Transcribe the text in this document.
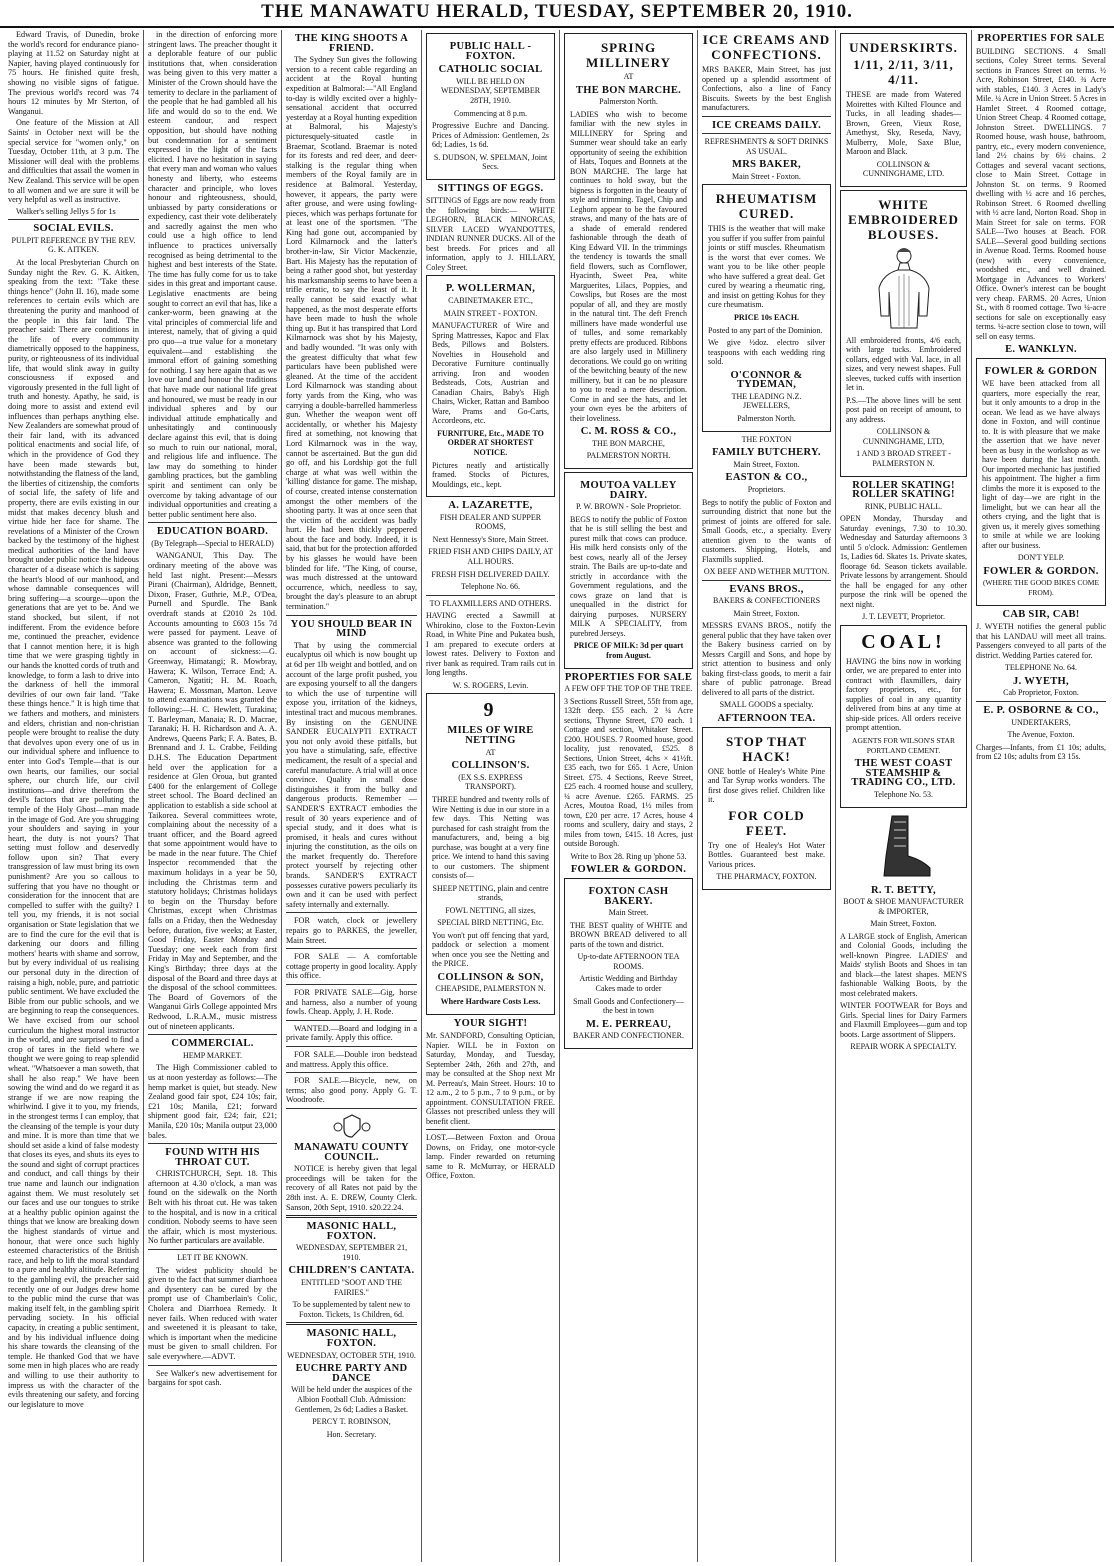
THE MANAWATU HERALD, TUESDAY, SEPTEMBER 20, 1910.

Edward Travis, of Dunedin, broke the world's record for endurance piano-playing at 11.52 on Saturday night at Napier, having played continuously for 75 hours. He finished quite fresh, showing no visible signs of fatigue. The previous world's record was 74 hours 12 minutes by Mr Sterton, of Wanganui.

One feature of the Mission at All Saints' in October next will be the special service for "women only," on Tuesday, October 11th, at 3 p.m. The Missioner will deal with the problems and difficulties that assail the women in New Zealand. This service will be open to all women and we are sure it will be very helpful as well as instructive.

Walker's selling Jellys 5 for 1s

SOCIAL EVILS.
PULPIT REFERENCE BY THE REV. G. K. AITKEN.

At the local Presbyterian Church on Sunday night the Rev. G. K. Aitken, speaking from the text: "Take these things hence" (John II. 16), made some references to certain evils which are threatening the purity and manhood of the people in this fair land. The preacher said: There are conditions in the life of every community diametrically opposed to the happiness, purity, or righteousness of its individual life, that would slink away in guilty consciousness if exposed and vigorously presented in the full light of truth and honesty. Apathy, he said, is doing more to assist and extend evil influences than perhaps anything else. New Zealanders are somewhat proud of their fair land, with its advanced political enactments and social life, of which in the providence of God they have been made stewards but, notwithstanding the flatness of the land, the liberties of citizenship, the comforts of social life, the safety of life and property, there are evils existing in our midst that makes decency blush and virtue hide her face for shame. The revelations of a Minister of the Crown backed by the testimony of the highest medical authorities of the land have brought under public notice the hideous character of a disease which is sapping the heart's blood of our manhood, and whose damnable consequences will bring suffering—a scourge—upon the generations that are yet to be. And we stand shocked, but silent, if not indifferent. From the evidence before me, continued the preacher, evidence that I cannot mention here, it is high time that we were grasping tightly in our hands the knotted cords of truth and knowledge, to form a lash to drive into the darkness of hell the immoral devilries of our own fair land. "Take these things hence." It is high time that we fathers and mothers, and ministers and elders, christian and non-christian people were brought to realise the duty that devolves upon every one of us in our individual sphere and influence to enter into God's Temple—that is our own hearts, our families, our social sphere, our church life, our civil institutions—and drive therefrom the devil's factors that are polluting the temple of the Holy Ghost—man made in the image of God. Are you shrugging your shoulders and saying in your heart, the duty is not yours? That setting must follow and deservedly follow upon sin? That every transgression of law must bring its own punishment? Are you so callous to suffering that you have no thought or consideration for the innocent that are compelled to suffer with the guilty? I tell you, my friends, it is not social organisation or State legislation that we are to find the cure for the evil that is darkening our doors and filling mothers' hearts with shame and sorrow, but by every individual of us realising our personal duty in the direction of raising a high, noble, pure, and patriotic public sentiment. We have excluded the Bible from our public schools, and we are beginning to reap the consequences. We have excised from our school curriculum the highest moral instructor in the world, and are surprised to find a crop of tares in the field where we thought we were going to reap splendid wheat. "Whatsoever a man soweth, that shall he also reap." We have been sowing the wind and do we regard it as strange if we are now reaping the whirlwind. I give it to you, my friends, in the strongest terms I can employ, that the cleansing of the temple is your duty and mine. It is more than time that we should set aside a kind of false modesty that closes its eyes, and shuts its eyes to the sound and sight of corrupt practices and conduct, and call things by their true name and launch our indignation against them. We must resolutely set our faces and use our tongues to strike at a healthy public opinion against the things that we know are breaking down the highest standards of virtue and honour, that were once such highly esteemed characteristics of the British race, and help to lift the moral standard to a pure and healthy altitude. Referring to the gambling evil, the preacher said recently one of our Judges drew home to the public mind the curse that was making itself felt, in the gambling spirit pervading society. In his official capacity, in creating a public sentiment, and by his individual influence doing his share towards the cleansing of the temple. He thanked God that we have some men in high places who are ready and willing to use their authority to impress us with the character of the evils threatening our safety, and forcing our legislature to move

in the direction of enforcing more stringent laws. The preacher thought it a deplorable feature of our public institutions that, when consideration was being given to this very matter a Minister of the Crown should have the temerity to declare in the parliament of the people that he had gambled all his life and would do so to the end. We esteem candour, and respect opposition, but should have nothing but condemnation for a sentiment expressed in the light of the facts elicited. I have no hesitation in saying that every man and woman who values honesty and liberty, who esteems character and principle, who loves honour and righteousness, should, unbiassed by party considerations or expediency, cast their vote deliberately and sacredly against the men who could use a high office to lend influence to practices universally recognised as being detrimental to the highest and best interests of the State. The time has fully come for us to take sides in this great and important cause. Legislative enactments are being sought to correct an evil that has, like a canker-worm, been gnawing at the vital principles of commercial life and interest, namely, that of giving a quid pro quo—a true value for a monetary equivalent—and establishing the immoral effort of gaining something for nothing. I say here again that as we love our land and honour the traditions that have made our national life great and honoured, we must be ready in our individual spheres and by our individual attitude emphatically and unhesitatingly and continuously declare against this evil, that is doing so much to ruin our national, moral, and religious life and influence. The law may do something to hinder gambling practices, but the gambling spirit and sentiment can only be overcome by taking advantage of our individual opportunities and creating a better public sentiment here also.

EDUCATION BOARD.
(By Telegraph—Special to HERALD)

WANGANUI, This Day. The ordinary meeting of the above was held last night. Present:—Messrs Pirani (Chairman), Aldridge, Bennett, Dixon, Fraser, Guthrie, M.P., O'Dea, Purnell and Spurdle. The Bank overdraft stands at £2010 2s 10d. Accounts amounting to £603 15s 7d were passed for payment. Leave of absence was granted to the following on account of sickness:—G. Greenway, Himatangi; R. Mowbray, Hawera; K. Wilson, Terrace End; A. Cameron, Ngatiti; H. M. Roach, Hawera; E. Mossman, Marton. Leave to attend examinations was granted the following:—H. C. Hewlett, Turakina; T. Barleyman, Manaia; R. D. Macrae, Taranaki; H. H. Richardson and A. A. Andrews, Queens Park; F. A. Bates, B. Brennand and J. L. Crabbe, Feilding D.H.S. The Education Department held over the application for a residence at Glen Oroua, but granted £400 for the enlargement of College street school. The Board declined an application to establish a side school at Taikorea. Several committees wrote, complaining about the necessity of a truant officer, and the Board agreed that some appointment would have to be made in the near future. The Chief Inspector recommended that the maximum holidays in a year be 50, including the Christmas term and statutory holidays; Christmas holidays to begin on the Thursday before Christmas, except when Christmas falls on a Friday, then the Wednesday before, duration, five weeks; at Easter, Good Friday, Easter Monday and Tuesday; one week each from first Friday in May and September, and the King's Birthday; three days at the disposal of the Board and three days at the disposal of the school committees. The Board of Governors of the Wanganui Girls College appointed Mrs Redwood, L.R.A.M., music mistress out of nineteen applicants.

COMMERCIAL.
HEMP MARKET.

The High Commissioner cabled to us at noon yesterday as follows:—The hemp market is quiet, but steady. New Zealand good fair spot, £24 10s; fair, £21 10s; Manila, £21; forward shipment good fair, £24; fair, £21; Manila, £20 10s; Manila output 23,000 bales.

FOUND WITH HIS THROAT CUT.

CHRISTCHURCH, Sept. 18. This afternoon at 4.30 o'clock, a man was found on the sidewalk on the North Belt with his throat cut. He was taken to the hospital, and is now in a critical condition. Nobody seems to have seen the affair, which is most mysterious. No further particulars are available.

LET IT BE KNOWN.

The widest publicity should be given to the fact that summer diarrhoea and dysentery can be cured by the prompt use of Chamberlain's Colic, Cholera and Diarrhoea Remedy. It never fails. When reduced with water and sweetened it is pleasant to take, which is important when the medicine must be given to small children. For sale everywhere.—ADVT.

See Walker's new advertisement for bargains for spot cash.

THE KING SHOOTS A FRIEND.

The Sydney Sun gives the following version to a recent cable regarding an accident at the Royal hunting expedition at Balmoral:—"All England to-day is wildly excited over a highly-sensational accident that occurred yesterday at a Royal hunting expedition at Balmoral, his Majesty's picturesquely-situated castle in Braemar, Scotland. Braemar is noted for its forests and red deer, and deer-stalking is the regular thing when members of the Royal family are in residence at Balmoral. Yesterday, however, it appears, the party were after grouse, and were using fowling-pieces, which was perhaps fortunate for at least one of the sportsmen. "The King had gone out, accompanied by Lord Kilmarnock and the latter's brother-in-law, Sir Victor Mackenzie, Bart. His Majesty has the reputation of being a rather good shot, but yesterday his marksmanship seems to have been a trifle erratic, to say the least of it. It really cannot be said exactly what happened, as the most desperate efforts have been made to hush the whole thing up. But it has transpired that Lord Kilmarnock was shot by his Majesty, and badly wounded. "It was only with the greatest difficulty that what few particulars have been published were gleaned. At the time of the accident Lord Kilmarnock was standing about forty yards from the King, who was carrying a double-barrelled hammerless gun. Whether the weapon went off accidentally, or whether his Majesty fired at something, not knowing that Lord Kilmarnock was in the way, cannot be ascertained. But the gun did go off, and his Lordship got the full charge at what was well within the 'killing' distance for game. The mishap, of course, created intense consternation amongst the other members of the shooting party. It was at once seen that the victim of the accident was badly hurt. He had been thickly peppered about the face and body. Indeed, it is said, that but for the protection afforded by his glasses he would have been blinded for life. "The King, of course, was much distressed at the untoward occurrence, which, needless to say, brought the day's pleasure to an abrupt termination."

YOU SHOULD BEAR IN MIND

That by using the commercial eucalyptus oil which is now bought up at 6d per 1lb weight and bottled, and on account of the large profit pushed, you are exposing yourself to all the dangers to which the use of turpentine will expose you, irritation of the kidneys, intestinal tract and mucous membranes. By insisting on the GENUINE SANDER EUCALYPTI EXTRACT you not only avoid these pitfalls, but you have a stimulating, safe, effective medicament, the result of a special and careful manufacture. A trial will at once convince. Quality in small dose distinguishes it from the bulky and dangerous products. Remember — SANDER'S EXTRACT embodies the result of 30 years experience and of special study, and it does what is promised, it heals and cures without injuring the constitution, as the oils on the market frequently do. Therefore protect yourself by rejecting other brands. SANDER'S EXTRACT possesses curative powers peculiarly its own and it can be used with perfect safety internally and externally.

FOR watch, clock or jewellery repairs go to PARKES, the jeweller, Main Street.

FOR SALE — A comfortable cottage property in good locality. Apply this office.

FOR PRIVATE SALE—Gig, horse and harness, also a number of young fowls. Cheap. Apply, J. H. Rode.

WANTED.—Board and lodging in a private family. Apply this office.

FOR SALE.—Double iron bedstead and mattress. Apply this office.

FOR SALE.—Bicycle, new, on terms; also good pony. Apply G. T. Woodroofe.

MANAWATU COUNTY COUNCIL.

NOTICE is hereby given that legal proceedings will be taken for the recovery of all Rates not paid by the 28th inst. A. E. DREW, County Clerk. Sanson, 20th Sept, 1910. s20.22.24.

MASONIC HALL, FOXTON.
WEDNESDAY, SEPTEMBER 21, 1910.
CHILDREN'S CANTATA.
ENTITLED "SOOT AND THE FAIRIES."
To be supplemented by talent new to Foxton. Tickets, 1s Children, 6d.
MASONIC HALL, FOXTON.
WEDNESDAY, OCTOBER 5TH, 1910.
EUCHRE PARTY AND DANCE
Will be held under the auspices of the Albion Football Club. Admission: Gentlemen, 2s 6d; Ladies a Basket.
PERCY T. ROBINSON,
Hon. Secretary.
PUBLIC HALL - FOXTON.
CATHOLIC SOCIAL
WILL BE HELD ON WEDNESDAY, SEPTEMBER 28TH, 1910.
Commencing at 8 p.m.
Progressive Euchre and Dancing. Prices of Admission: Gentlemen, 2s 6d; Ladies, 1s 6d.
S. DUDSON, W. SPELMAN, Joint Secs.
SITTINGS OF EGGS.
SITTINGS of Eggs are now ready from the following birds:— WHITE LEGHORN, BLACK MINORCAS, SILVER LACED WYANDOTTES, INDIAN RUNNER DUCKS. All of the best breeds. For prices and all information, apply to J. HILLARY, Coley Street.
P. WOLLERMAN,
CABINETMAKER ETC.,
MAIN STREET - FOXTON.
MANUFACTURER of Wire and Spring Mattresses, Kapoc and Flax Beds, Pillows and Bolsters. Novelties in Household and Decorative Furniture continually arriving. Iron and wooden Bedsteads, Cots, Austrian and Canadian Chairs, Baby's High Chairs, Wicker, Rattan and Bamboo Ware, Prams and Go-Carts, Accordeons, etc.
FURNITURE, Etc., MADE TO ORDER AT SHORTEST NOTICE.
Pictures neatly and artistically framed. Stocks of Pictures, Mouldings, etc., kept.
A. LAZARETTE,
FISH DEALER AND SUPPER ROOMS,
Next Hennessy's Store, Main Street.
FRIED FISH AND CHIPS DAILY, AT ALL HOURS.
FRESH FISH DELIVERED DAILY.
Telephone No. 66.
TO FLAXMILLERS AND OTHERS.
HAVING erected a Sawmill at Whirokino, close to the Foxton-Levin Road, in White Pine and Pukatea bush, I am prepared to execute orders at lowest rates. Delivery to Foxton and river bank as required. Tram rails cut in long lengths.
W. S. ROGERS, Levin.
9
MILES OF WIRE NETTING
AT
COLLINSON'S.
(EX S.S. EXPRESS TRANSPORT).
THREE hundred and twenty rolls of Wire Netting is due in our store in a few days. This Netting was purchased for cash straight from the manufacturers, and, being a big purchase, was bought at a very fine price. We intend to hand this saving to our customers. The shipment consists of—
SHEEP NETTING, plain and centre strands,
FOWL NETTING, all sizes,
SPECIAL BIRD NETTING, Etc.
You won't put off fencing that yard, paddock or selection a moment when once you see the Netting and the PRICE.
COLLINSON & SON,
CHEAPSIDE, PALMERSTON N.
Where Hardware Costs Less.
YOUR SIGHT!
Mr. SANDFORD, Consulting Optician, Napier. WILL be in Foxton on Saturday, Monday, and Tuesday, September 24th, 26th and 27th, and may be consulted at the Shop next Mr M. Perreau's, Main Street. Hours: 10 to 12 a.m., 2 to 5 p.m., 7 to 9 p.m., or by appointment. CONSULTATION FREE. Glasses not prescribed unless they will benefit client.
LOST.—Between Foxton and Oroua Downs, on Friday, one motor-cycle lamp. Finder rewarded on returning same to R. McMurray, or HERALD Office, Foxton.
SPRING MILLINERY
AT
THE BON MARCHE.
Palmerston North.
LADIES who wish to become familiar with the new styles in MILLINERY for Spring and Summer wear should take an early opportunity of seeing the exhibition of Hats, Toques and Bonnets at the BON MARCHE. The large hat continues to hold sway, but the bigness is forgotten in the beauty of style and trimming. Tagel, Chip and Leghorn appear to be the favoured straws, and many of the hats are of a shade of emerald rendered fashionable through the death of King Edward VII. In the trimmings the tendency is towards the small field flowers, such as Cornflower, Hyacinth, Sweet Pea, white Marguerites, Lilacs, Poppies, and Cowslips, but Roses are the most popular of all, and they are mostly in the natural tint. The deft French milliners have made wonderful use of tulles, and some remarkably pretty effects are produced. Ribbons are also largely used in Millinery decorations. We could go on writing of the bewitching beauty of the new millinery, but it can be no pleasure to you to read a mere description. Come in and see the hats, and let your own eyes be the arbiters of their loveliness.
C. M. ROSS & CO.,
THE BON MARCHE,
PALMERSTON NORTH.
MOUTOA VALLEY DAIRY.
P. W. BROWN - Sole Proprietor.
BEGS to notify the public of Foxton that he is still selling the best and purest milk that cows can produce. His milk herd consists only of the best cows, nearly all of the Jersey strain. The Bails are up-to-date and strictly in accordance with the Government regulations, and the cows graze on land that is unequalled in the district for dairying purposes. NURSERY MILK A SPECIALITY, from purebred Jerseys.
PRICE OF MILK: 3d per quart from August.
PROPERTIES FOR SALE
A FEW OFF THE TOP OF THE TREE.
3 Sections Russell Street, 55ft from age, 132ft deep. £55 each. 2 ¼ Acre sections, Thynne Street, £70 each. 1 Cottage and section, Whitaker Street. £200. HOUSES. 7 Roomed house, good locality, just renovated, £525. 8 Sections, Union Street, 4chs × 41½ft. £35 each, two for £65. 1 Acre, Union Street. £75. 4 Sections, Reeve Street, £25 each. 4 roomed house and scullery, ¼ acre Avenue. £265. FARMS. 25 Acres, Moutoa Road, 1½ miles from town, £20 per acre. 17 Acres, house 4 rooms and scullery, dairy and stays, 2 miles from town, £415. 18 Acres, just outside Borough.
Write to Box 28. Ring up 'phone 53.
FOWLER & GORDON.
FOXTON CASH BAKERY.
Main Street.
THE BEST quality of WHITE and BROWN BREAD delivered to all parts of the town and district.
Up-to-date AFTERNOON TEA ROOMS.
Artistic Wedding and Birthday Cakes made to order
Small Goods and Confectionery—the best in town
M. E. PERREAU,
BAKER AND CONFECTIONER.
ICE CREAMS AND CONFECTIONS.
MRS BAKER, Main Street, has just opened up a splendid assortment of Confections, also a line of Fancy Biscuits. Sweets by the best English manufacturers.
ICE CREAMS DAILY.
REFRESHMENTS & SOFT DRINKS AS USUAL.
MRS BAKER,
Main Street - Foxton.
RHEUMATISM CURED.
THIS is the weather that will make you suffer if you suffer from painful joints or stiff muscles. Rheumatism is the worst that ever comes. We want you to be like other people who have suffered a great deal. Get cured by wearing a rheumatic ring, and insist on getting Kohus for they cure rheumatism.
PRICE 10s EACH.
Posted to any part of the Dominion.
We give ½doz. electro silver teaspoons with each wedding ring sold.
O'CONNOR & TYDEMAN,
THE LEADING N.Z. JEWELLERS,
Palmerston North.
THE FOXTON
FAMILY BUTCHERY.
Main Street, Foxton.
EASTON & CO.,
Proprietors.
Begs to notify the public of Foxton and surrounding district that none but the primest of joints are offered for sale. Small Goods, etc., a specialty. Every attention given to the wants of customers. Shipping, Hotels, and Flaxmills supplied.
OX BEEF AND WETHER MUTTON.
EVANS BROS.,
BAKERS & CONFECTIONERS
Main Street, Foxton.
MESSRS EVANS BROS., notify the general public that they have taken over the Bakery business carried on by Messrs Cargill and Sons, and hope by strict attention to business and only baking first-class goods, to merit a fair share of public patronage. Bread delivered to all parts of the district.
SMALL GOODS a specialty.
AFTERNOON TEA.
STOP THAT HACK!
ONE bottle of Healey's White Pine and Tar Syrup works wonders. The first dose gives relief. Children like it.
FOR COLD FEET.
Try one of Healey's Hot Water Bottles. Guaranteed best make. Various prices.
THE PHARMACY, FOXTON.
UNDERSKIRTS.
1/11, 2/11, 3/11, 4/11.
THESE are made from Watered Moirettes with Kilted Flounce and Tucks, in all leading shades—Brown, Green, Vieux Rose, Amethyst, Sky, Reseda, Navy, Mulberry, Mole, Saxe Blue, Maroon and Black.
COLLINSON & CUNNINGHAME, LTD.
WHITE EMBROIDERED BLOUSES.
All embroidered fronts, 4/6 each, with large tucks. Embroidered collars, edged with Val. lace, in all sizes, and very newest shapes. Full sleeves, tucked cuffs with insertion let in.
P.S.—The above lines will be sent post paid on receipt of amount, to any address.
COLLINSON & CUNNINGHAME, LTD,
1 AND 3 BROAD STREET - PALMERSTON N.
ROLLER SKATING! ROLLER SKATING!
RINK, PUBLIC HALL.
OPEN Monday, Thursday and Saturday evenings, 7.30 to 10.30. Wednesday and Saturday afternoons 3 until 5 o'clock. Admission: Gentlemen 1s, Ladies 6d. Skates 1s. Private skates, floorage 6d. Season tickets available. Private lessons by arrangement. Should the hall be engaged for any other purpose the rink will be opened the next night.
J. T. LEVETT, Proprietor.
COAL!
HAVING the bins now in working order, we are prepared to enter into contract with flaxmillers, dairy factory proprietors, etc., for supplies of coal in any quantity delivered from bins at any time at ship-side prices. All orders receive prompt attention.
AGENTS FOR WILSON'S STAR PORTLAND CEMENT.
THE WEST COAST STEAMSHIP & TRADING CO., LTD.
Telephone No. 53.
R. T. BETTY,
BOOT & SHOE MANUFACTURER & IMPORTER,
Main Street, Foxton.
A LARGE stock of English, American and Colonial Goods, including the well-known Pingree. LADIES' and Maids' stylish Boots and Shoes in tan and black—the latest shapes. MEN'S fashionable Walking Boots, by the most celebrated makers.
WINTER FOOTWEAR for Boys and Girls. Special lines for Dairy Farmers and Flaxmill Employees—gum and top boots. Large assortment of Slippers.
REPAIR WORK A SPECIALTY.
PROPERTIES FOR SALE
BUILDING SECTIONS. 4 Small sections, Coley Street terms. Several sections in Frances Street on terms. ½ Acre, Robinson Street, £140. ¾ Acre with stables, £140. 3 Acres in Lady's Mile. ¼ Acre in Union Street. 5 Acres in Hamlet Street. 4 Roomed cottage, Union Street Cheap. 4 Roomed cottage, Johnston Street. DWELLINGS. 7 Roomed house, wash house, bathroom, pantry, etc., every modern convenience, land 2½ chains by 6½ chains. 2 Cottages and several vacant sections, close to Main Street. Cottage in Johnston St. on terms. 9 Roomed dwelling with ½ acre and 16 perches, Robinson Street. 6 Roomed dwelling with ½ acre land, Norton Road. Shop in Main Street for sale on terms. FOR SALE—Two houses at Beach. FOR SALE—Several good building sections in Avenue Road. Terms. Roomed house (new) with every convenience, woodshed etc., and well drained. Mortgage in Advances to Workers' Office. Owner's interest can be bought very cheap. FARMS. 20 Acres, Union St., with 8 roomed cottage. Two ¼-acre sections for sale on exceptionally easy terms. ¼-acre section close to town, will sell on easy terms.
E. WANKLYN.
FOWLER & GORDON
WE have been attacked from all quarters, more especially the rear, but it only amounts to a drop in the ocean. We lead as we have always done in Foxton, and will continue to. It is with pleasure that we make the assertion that we have never been as busy in the workshop as we have been during the last month. Our imported mechanic has justified his appointment. The higher a firm climbs the more it is exposed to the light of day—we are right in the limelight, but we can hear all the others crying, and the light that is given us, it merely gives something to smile at while we are looking after our business.
DON'T YELP.
FOWLER & GORDON.
(WHERE THE GOOD BIKES COME FROM).
CAB SIR, CAB!
J. WYETH notifies the general public that his LANDAU will meet all trains. Passengers conveyed to all parts of the district. Wedding Parties catered for.
TELEPHONE No. 64.
J. WYETH,
Cab Proprietor, Foxton.
E. P. OSBORNE & CO.,
UNDERTAKERS,
The Avenue, Foxton.
Charges—Infants, from £1 10s; adults, from £2 10s; adults from £3 15s.
